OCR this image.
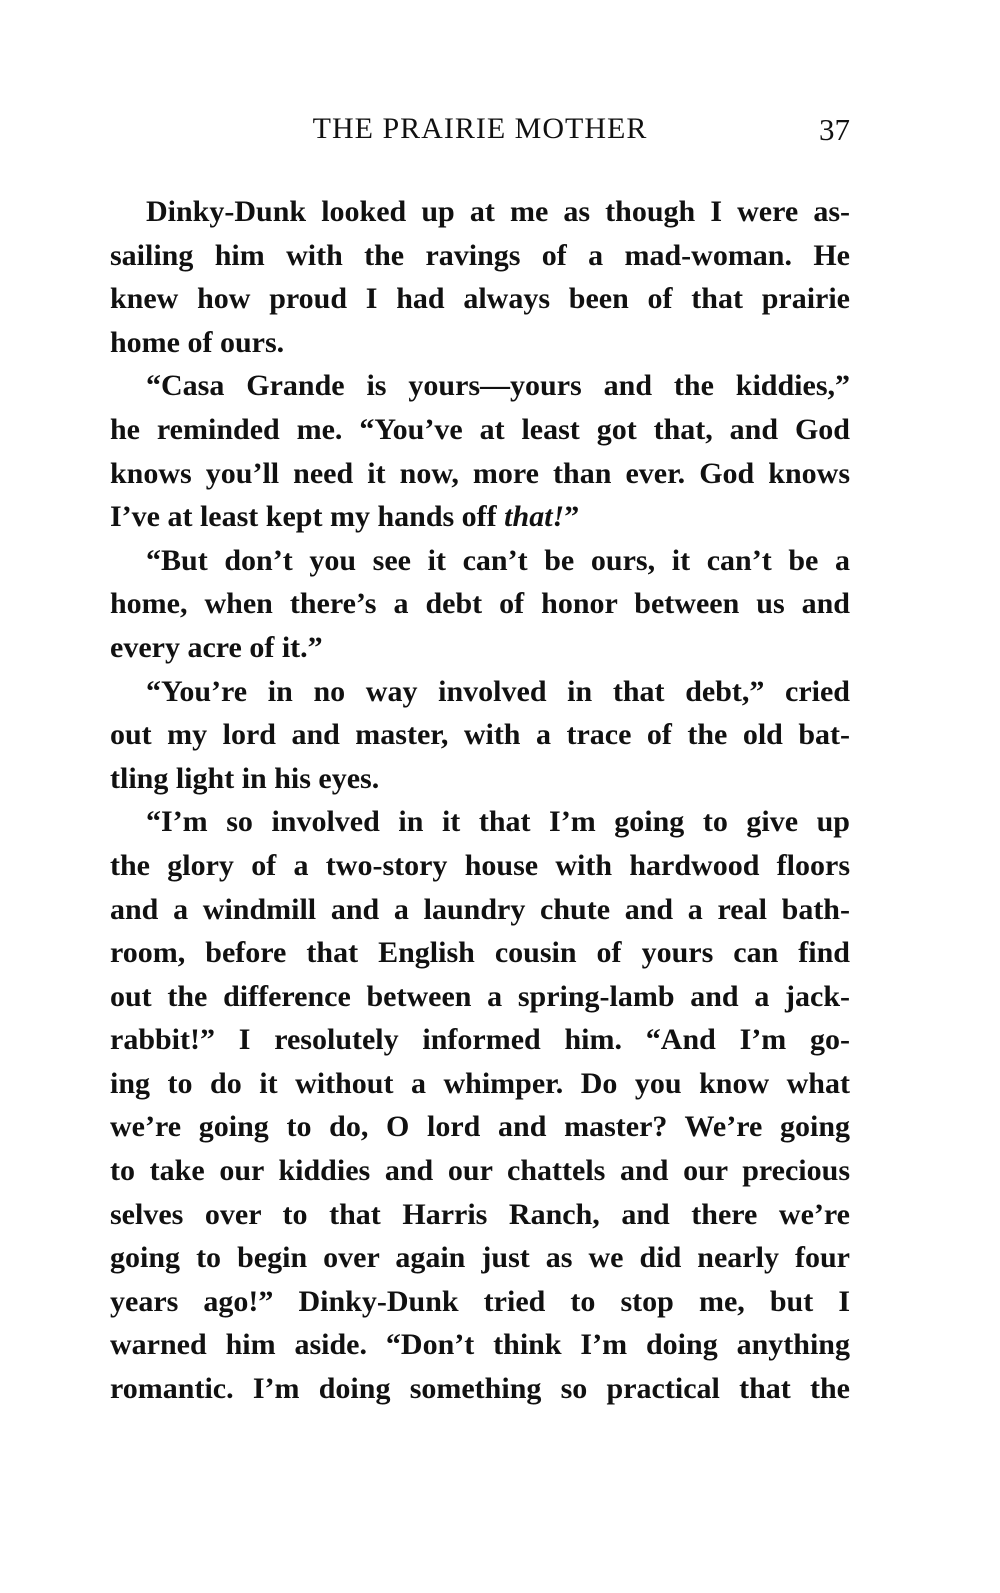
THE PRAIRIE MOTHER	37
Dinky-Dunk looked up at me as though I were as-
sailing him with the ravings of a mad-woman. He
knew how proud I had always been of that prairie
home of ours.
“Casa Grande is yours—yours and the kiddies,”
he reminded me. “You’ve at least got that, and God
knows you’ll need it now, more than ever. God knows
I’ve at least kept my hands off that!”
“But don’t you see it can’t be ours, it can’t be a
home, when there’s a debt of honor between us and
every acre of it.”
“You’re in no way involved in that debt,” cried
out my lord and master, with a trace of the old bat-
tling light in his eyes.
“I’m so involved in it that I’m going to give up
the glory of a two-story house with hardwood floors
and a windmill and a laundry chute and a real bath-
room, before that English cousin of yours can find
out the difference between a spring-lamb and a jack-
rabbit!” I resolutely informed him. “And I’m go-
ing to do it without a whimper. Do you know what
we’re going to do, O lord and master? We’re going
to take our kiddies and our chattels and our precious
selves over to that Harris Ranch, and there we’re
going to begin over again just as we did nearly four
years ago!” Dinky-Dunk tried to stop me, but I
warned him aside. “Don’t think I’m doing anything
romantic. I’m doing something so practical that the
